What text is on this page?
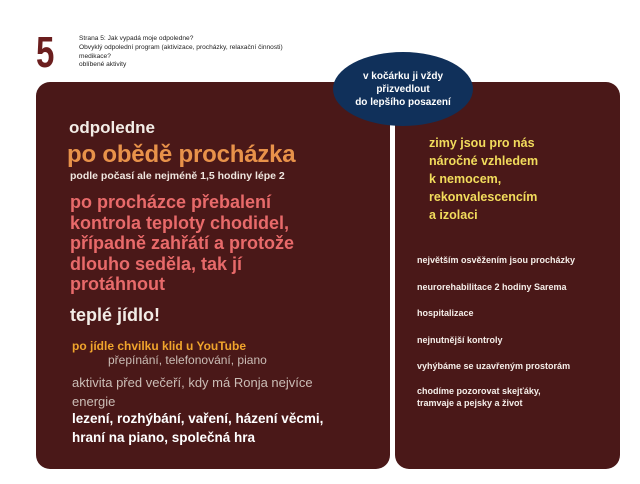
5	Strana 5: Jak vypadá moje odpoledne?
Obvyklý odpolední program (aktivizace, procházky, relaxační činnosti)
medikace?
oblíbené aktivity
v kočárku ji vždy
přizvedlout
do lepšího posazení
odpoledne
po obědě procházka
podle počasí ale nejméně 1,5 hodiny lépe 2
po procházce přebalení
kontrola teploty chodidel,
případně zahřátí a protože
dlouho seděla, tak jí
protáhnout
teplé jídlo!
po jídle chvilku klid u YouTube
přepínání, telefonování, piano
aktivita před večeří, kdy má Ronja nejvíce
energie
lezení, rozhýbání, vaření, házení věcmi,
hraní na piano, společná hra
zimy jsou pro nás
náročné vzhledem
k nemocem,
rekonvalescencím
a izolaci
největším osvěžením jsou procházky
neurorehabilitace 2 hodiny Sarema
hospitalizace
nejnutnější kontroly
vyhýbáme se uzavřeným prostorám
chodíme pozorovat skejťáky,
tramvaje a pejsky a život
